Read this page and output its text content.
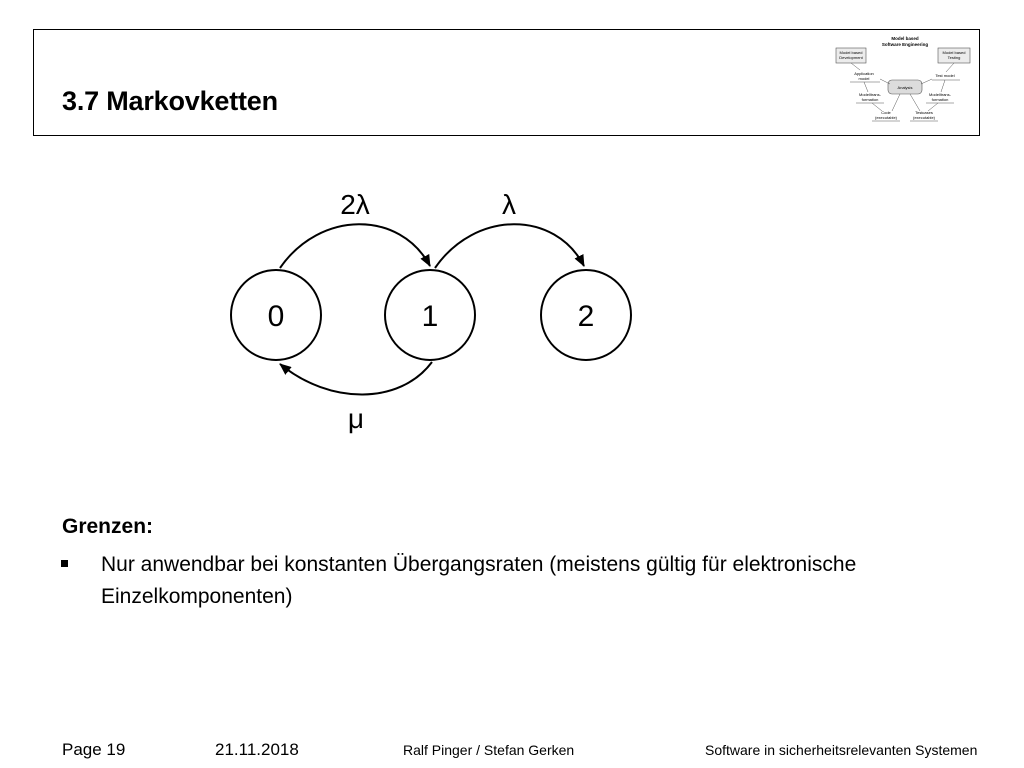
3.7 Markovketten
Model based
Software Engineering
Model based
Development
Model based
Testing
Application
model
Test model
Analysis
Modelltrans-
formation
Modelltrans-
formation
Code
(executable)
Testcases
(executable)
0	1	2
2λ	λ
μ
Grenzen:
Nur anwendbar bei konstanten Übergangsraten (meistens gültig für elektronische Einzelkomponenten)
Page 19	21.11.2018	Ralf Pinger / Stefan Gerken	Software in sicherheitsrelevanten Systemen
